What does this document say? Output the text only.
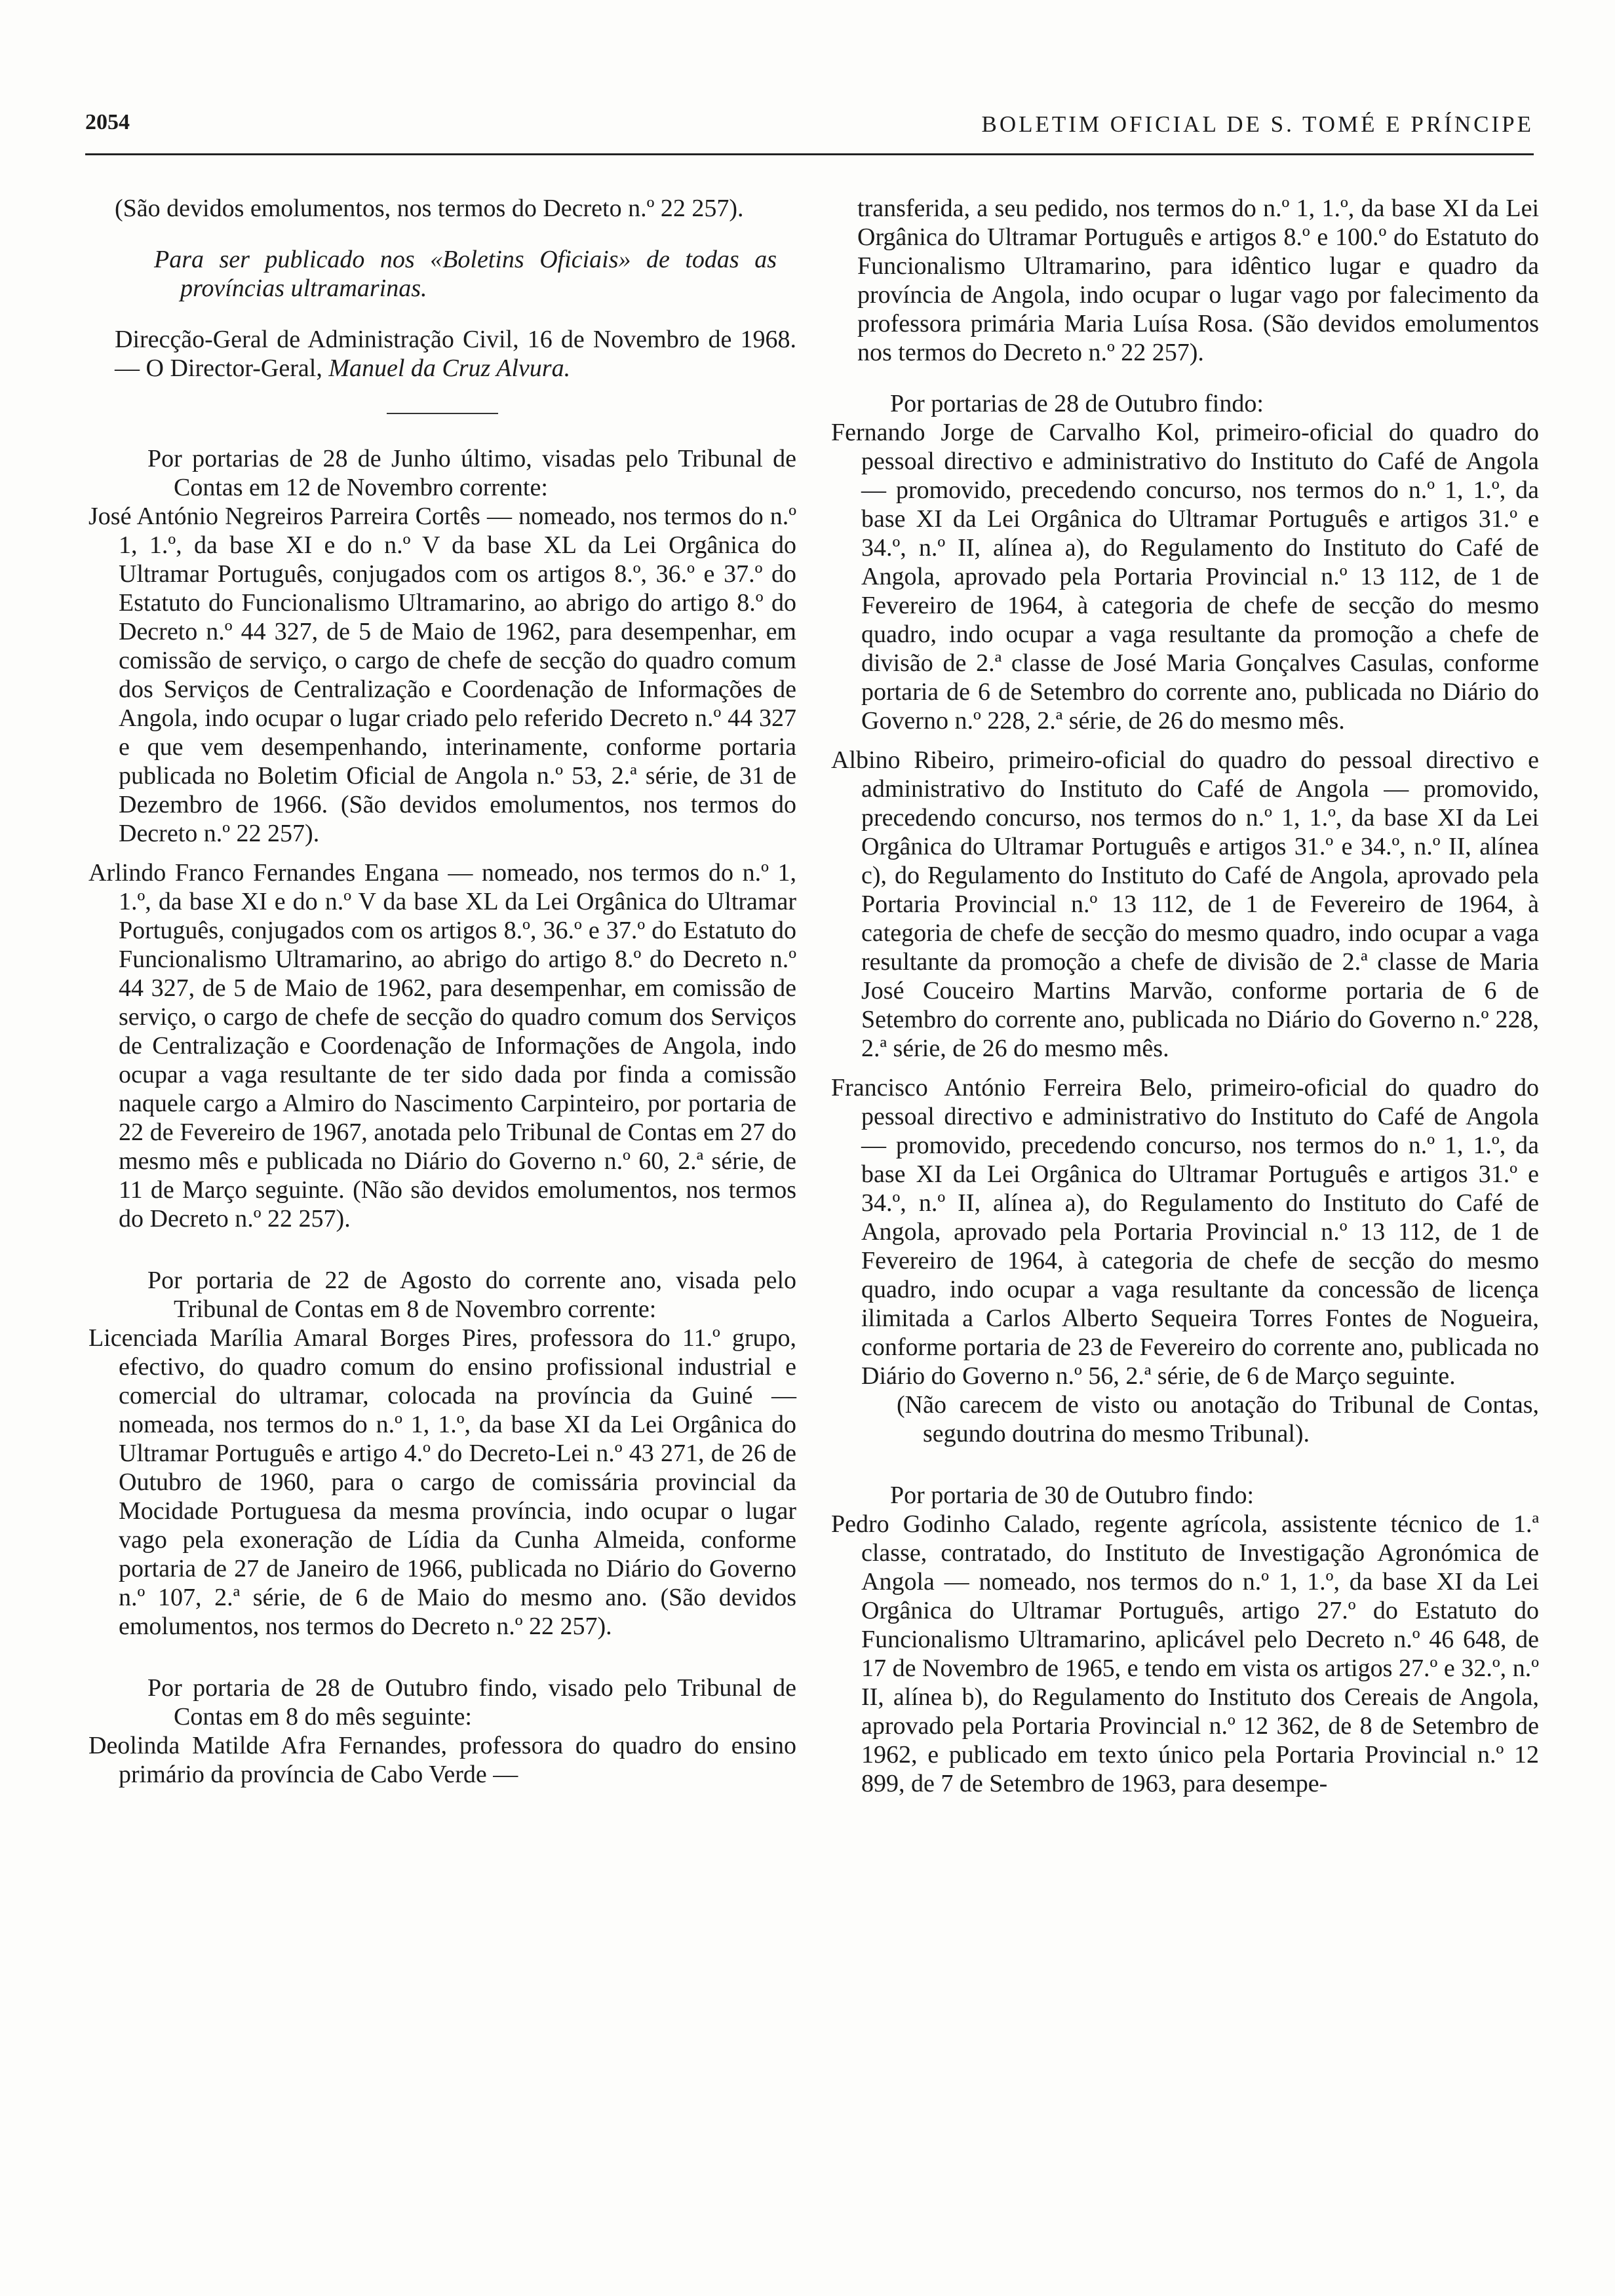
2054	BOLETIM OFICIAL DE S. TOMÉ E PRÍNCIPE

(São devidos emolumentos, nos termos do Decreto n.º 22 257).

Para ser publicado nos «Boletins Oficiais» de todas as províncias ultramarinas.

Direcção-Geral de Administração Civil, 16 de Novembro de 1968. — O Director-Geral, Manuel da Cruz Alvura.

Por portarias de 28 de Junho último, visadas pelo Tribunal de Contas em 12 de Novembro corrente:

José António Negreiros Parreira Cortês — nomeado, nos termos do n.º 1, 1.º, da base XI e do n.º V da base XL da Lei Orgânica do Ultramar Português, conjugados com os artigos 8.º, 36.º e 37.º do Estatuto do Funcionalismo Ultramarino, ao abrigo do artigo 8.º do Decreto n.º 44 327, de 5 de Maio de 1962, para desempenhar, em comissão de serviço, o cargo de chefe de secção do quadro comum dos Serviços de Centralização e Coordenação de Informações de Angola, indo ocupar o lugar criado pelo referido Decreto n.º 44 327 e que vem desempenhando, interinamente, conforme portaria publicada no Boletim Oficial de Angola n.º 53, 2.ª série, de 31 de Dezembro de 1966. (São devidos emolumentos, nos termos do Decreto n.º 22 257).

Arlindo Franco Fernandes Engana — nomeado, nos termos do n.º 1, 1.º, da base XI e do n.º V da base XL da Lei Orgânica do Ultramar Português, conjugados com os artigos 8.º, 36.º e 37.º do Estatuto do Funcionalismo Ultramarino, ao abrigo do artigo 8.º do Decreto n.º 44 327, de 5 de Maio de 1962, para desempenhar, em comissão de serviço, o cargo de chefe de secção do quadro comum dos Serviços de Centralização e Coordenação de Informações de Angola, indo ocupar a vaga resultante de ter sido dada por finda a comissão naquele cargo a Almiro do Nascimento Carpinteiro, por portaria de 22 de Fevereiro de 1967, anotada pelo Tribunal de Contas em 27 do mesmo mês e publicada no Diário do Governo n.º 60, 2.ª série, de 11 de Março seguinte. (Não são devidos emolumentos, nos termos do Decreto n.º 22 257).

Por portaria de 22 de Agosto do corrente ano, visada pelo Tribunal de Contas em 8 de Novembro corrente:

Licenciada Marília Amaral Borges Pires, professora do 11.º grupo, efectivo, do quadro comum do ensino profissional industrial e comercial do ultramar, colocada na província da Guiné — nomeada, nos termos do n.º 1, 1.º, da base XI da Lei Orgânica do Ultramar Português e artigo 4.º do Decreto-Lei n.º 43 271, de 26 de Outubro de 1960, para o cargo de comissária provincial da Mocidade Portuguesa da mesma província, indo ocupar o lugar vago pela exoneração de Lídia da Cunha Almeida, conforme portaria de 27 de Janeiro de 1966, publicada no Diário do Governo n.º 107, 2.ª série, de 6 de Maio do mesmo ano. (São devidos emolumentos, nos termos do Decreto n.º 22 257).

Por portaria de 28 de Outubro findo, visado pelo Tribunal de Contas em 8 do mês seguinte:

Deolinda Matilde Afra Fernandes, professora do quadro do ensino primário da província de Cabo Verde —

transferida, a seu pedido, nos termos do n.º 1, 1.º, da base XI da Lei Orgânica do Ultramar Português e artigos 8.º e 100.º do Estatuto do Funcionalismo Ultramarino, para idêntico lugar e quadro da província de Angola, indo ocupar o lugar vago por falecimento da professora primária Maria Luísa Rosa. (São devidos emolumentos nos termos do Decreto n.º 22 257).

Por portarias de 28 de Outubro findo:

Fernando Jorge de Carvalho Kol, primeiro-oficial do quadro do pessoal directivo e administrativo do Instituto do Café de Angola — promovido, precedendo concurso, nos termos do n.º 1, 1.º, da base XI da Lei Orgânica do Ultramar Português e artigos 31.º e 34.º, n.º II, alínea a), do Regulamento do Instituto do Café de Angola, aprovado pela Portaria Provincial n.º 13 112, de 1 de Fevereiro de 1964, à categoria de chefe de secção do mesmo quadro, indo ocupar a vaga resultante da promoção a chefe de divisão de 2.ª classe de José Maria Gonçalves Casulas, conforme portaria de 6 de Setembro do corrente ano, publicada no Diário do Governo n.º 228, 2.ª série, de 26 do mesmo mês.

Albino Ribeiro, primeiro-oficial do quadro do pessoal directivo e administrativo do Instituto do Café de Angola — promovido, precedendo concurso, nos termos do n.º 1, 1.º, da base XI da Lei Orgânica do Ultramar Português e artigos 31.º e 34.º, n.º II, alínea c), do Regulamento do Instituto do Café de Angola, aprovado pela Portaria Provincial n.º 13 112, de 1 de Fevereiro de 1964, à categoria de chefe de secção do mesmo quadro, indo ocupar a vaga resultante da promoção a chefe de divisão de 2.ª classe de Maria José Couceiro Martins Marvão, conforme portaria de 6 de Setembro do corrente ano, publicada no Diário do Governo n.º 228, 2.ª série, de 26 do mesmo mês.

Francisco António Ferreira Belo, primeiro-oficial do quadro do pessoal directivo e administrativo do Instituto do Café de Angola — promovido, precedendo concurso, nos termos do n.º 1, 1.º, da base XI da Lei Orgânica do Ultramar Português e artigos 31.º e 34.º, n.º II, alínea a), do Regulamento do Instituto do Café de Angola, aprovado pela Portaria Provincial n.º 13 112, de 1 de Fevereiro de 1964, à categoria de chefe de secção do mesmo quadro, indo ocupar a vaga resultante da concessão de licença ilimitada a Carlos Alberto Sequeira Torres Fontes de Nogueira, conforme portaria de 23 de Fevereiro do corrente ano, publicada no Diário do Governo n.º 56, 2.ª série, de 6 de Março seguinte.

(Não carecem de visto ou anotação do Tribunal de Contas, segundo doutrina do mesmo Tribunal).

Por portaria de 30 de Outubro findo:

Pedro Godinho Calado, regente agrícola, assistente técnico de 1.ª classe, contratado, do Instituto de Investigação Agronómica de Angola — nomeado, nos termos do n.º 1, 1.º, da base XI da Lei Orgânica do Ultramar Português, artigo 27.º do Estatuto do Funcionalismo Ultramarino, aplicável pelo Decreto n.º 46 648, de 17 de Novembro de 1965, e tendo em vista os artigos 27.º e 32.º, n.º II, alínea b), do Regulamento do Instituto dos Cereais de Angola, aprovado pela Portaria Provincial n.º 12 362, de 8 de Setembro de 1962, e publicado em texto único pela Portaria Provincial n.º 12 899, de 7 de Setembro de 1963, para desempe-
